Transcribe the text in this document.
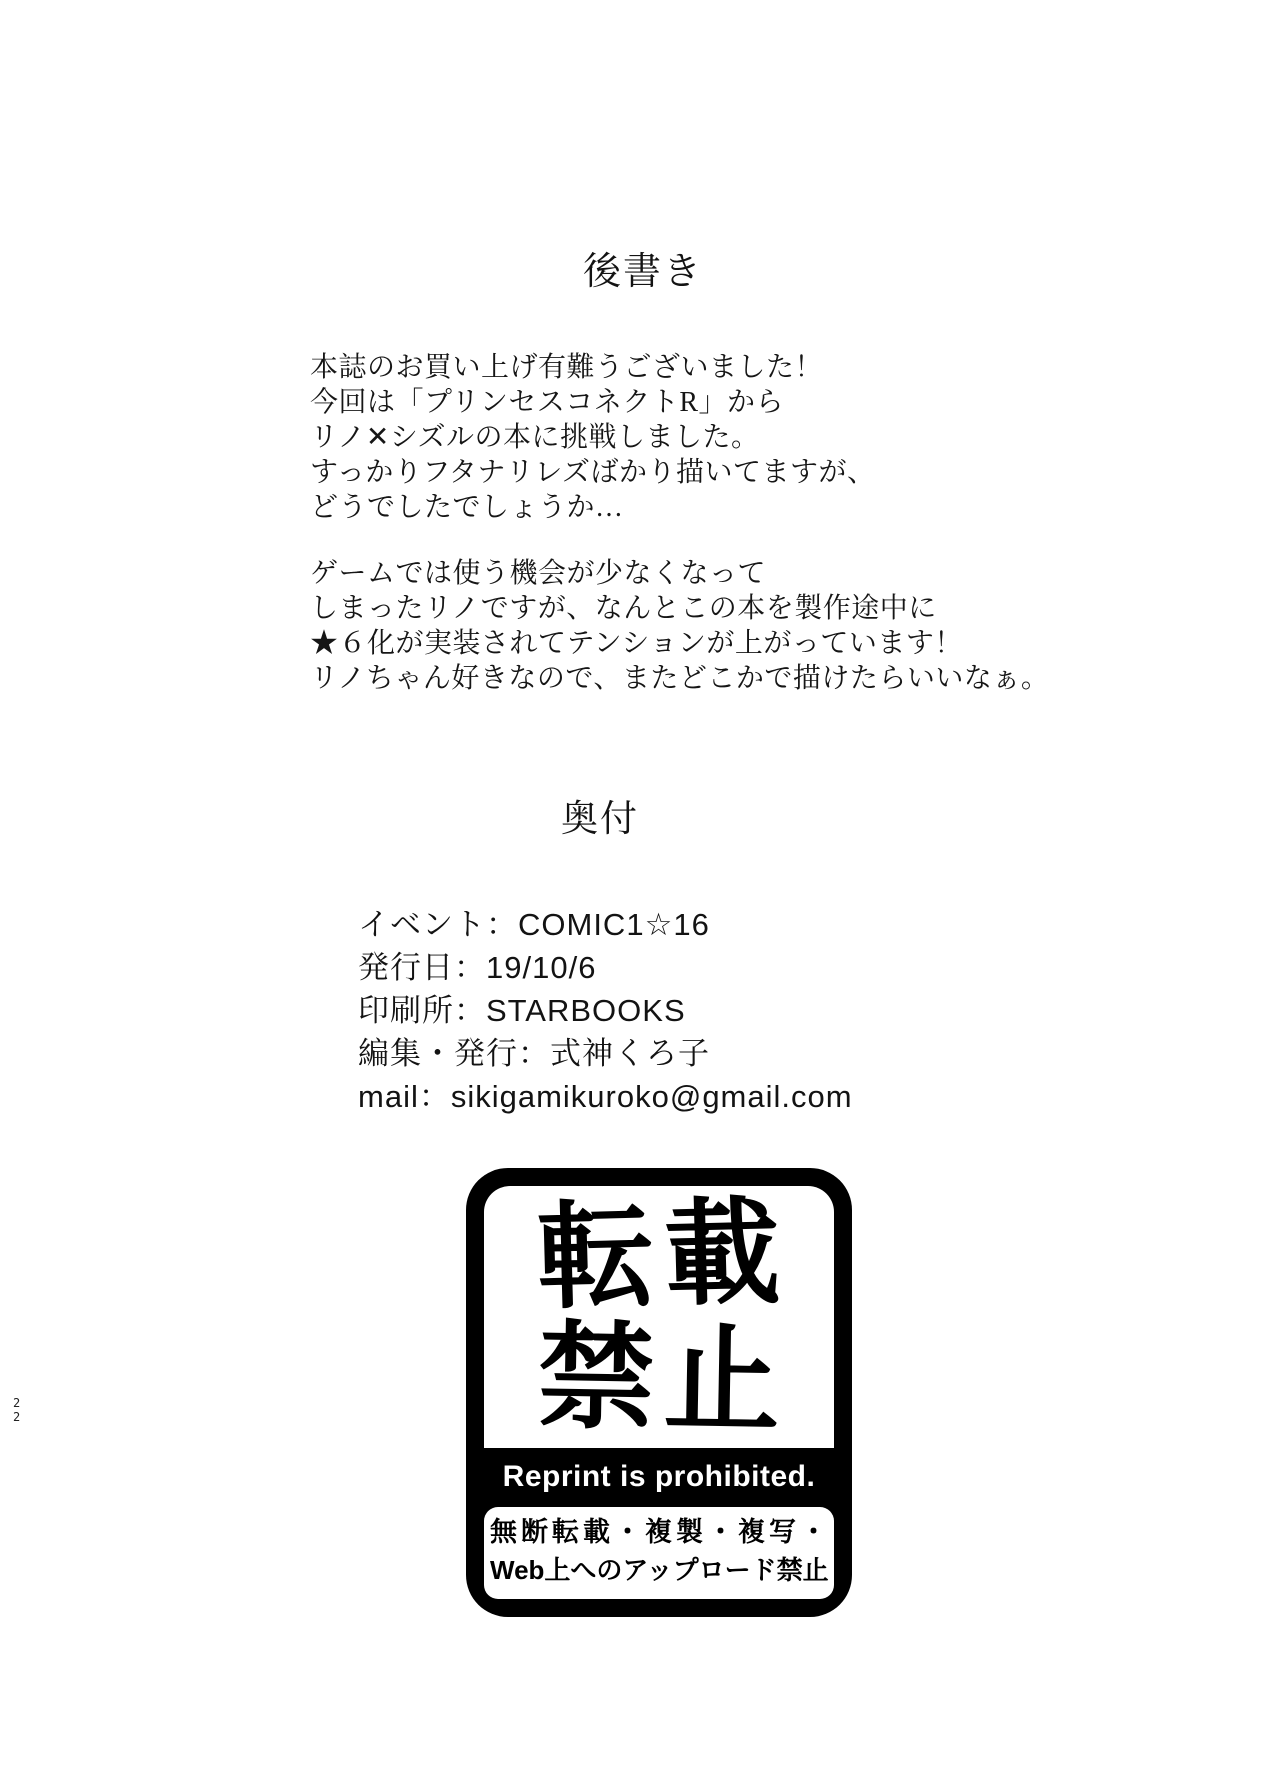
後書き
本誌のお買い上げ有難うございました！
今回は「プリンセスコネクトR」から
リノ✕シズルの本に挑戦しました。
すっかりフタナリレズばかり描いてますが、
どうでしたでしょうか…
ゲームでは使う機会が少なくなって
しまったリノですが、なんとこの本を製作途中に
★６化が実装されてテンションが上がっています！
リノちゃん好きなので、またどこかで描けたらいいなぁ。
奥付
イベント：COMIC1☆16
発行日：19/10/6
印刷所：STARBOOKS
編集・発行：式神くろ子
mail：sikigamikuroko@gmail.com
転載
禁止
Reprint is prohibited.
無断転載・複製・複写・
Web上へのアップロード禁止
2
2
